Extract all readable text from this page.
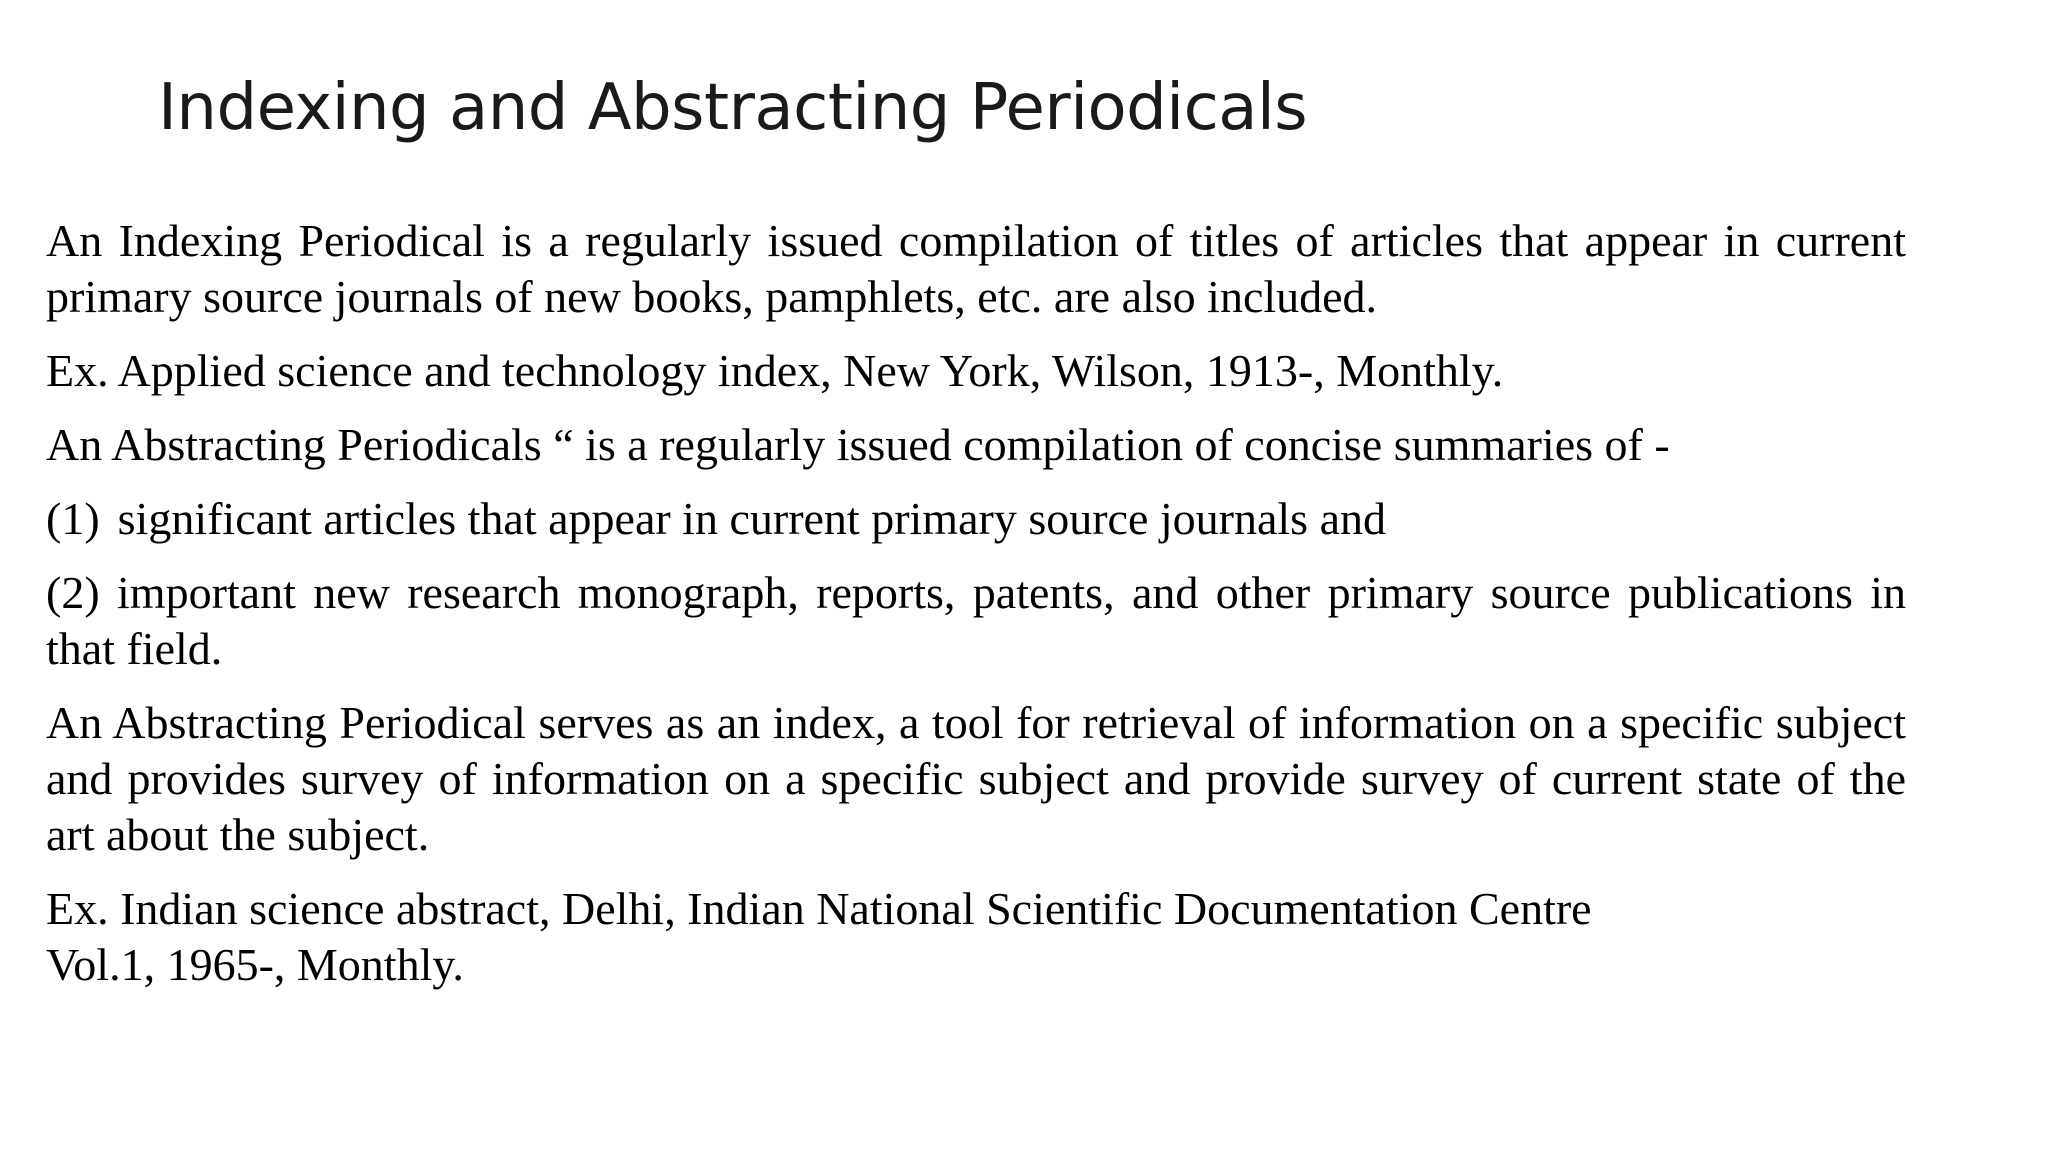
Indexing and Abstracting Periodicals

An Indexing Periodical is a regularly issued compilation of titles of articles that appear in current primary source journals of new books, pamphlets, etc. are also included.

Ex. Applied science and technology index, New York, Wilson, 1913-, Monthly.

An Abstracting Periodicals “ is a regularly issued compilation of concise summaries of -

(1) significant articles that appear in current primary source journals and

(2) important new research monograph, reports, patents, and other primary source publications in that field.

An Abstracting Periodical serves as an index, a tool for retrieval of information on a specific subject and provides survey of information on a specific subject and provide survey of current state of the art about the subject.

Ex. Indian science abstract, Delhi, Indian National Scientific Documentation Centre
Vol.1, 1965-, Monthly.
